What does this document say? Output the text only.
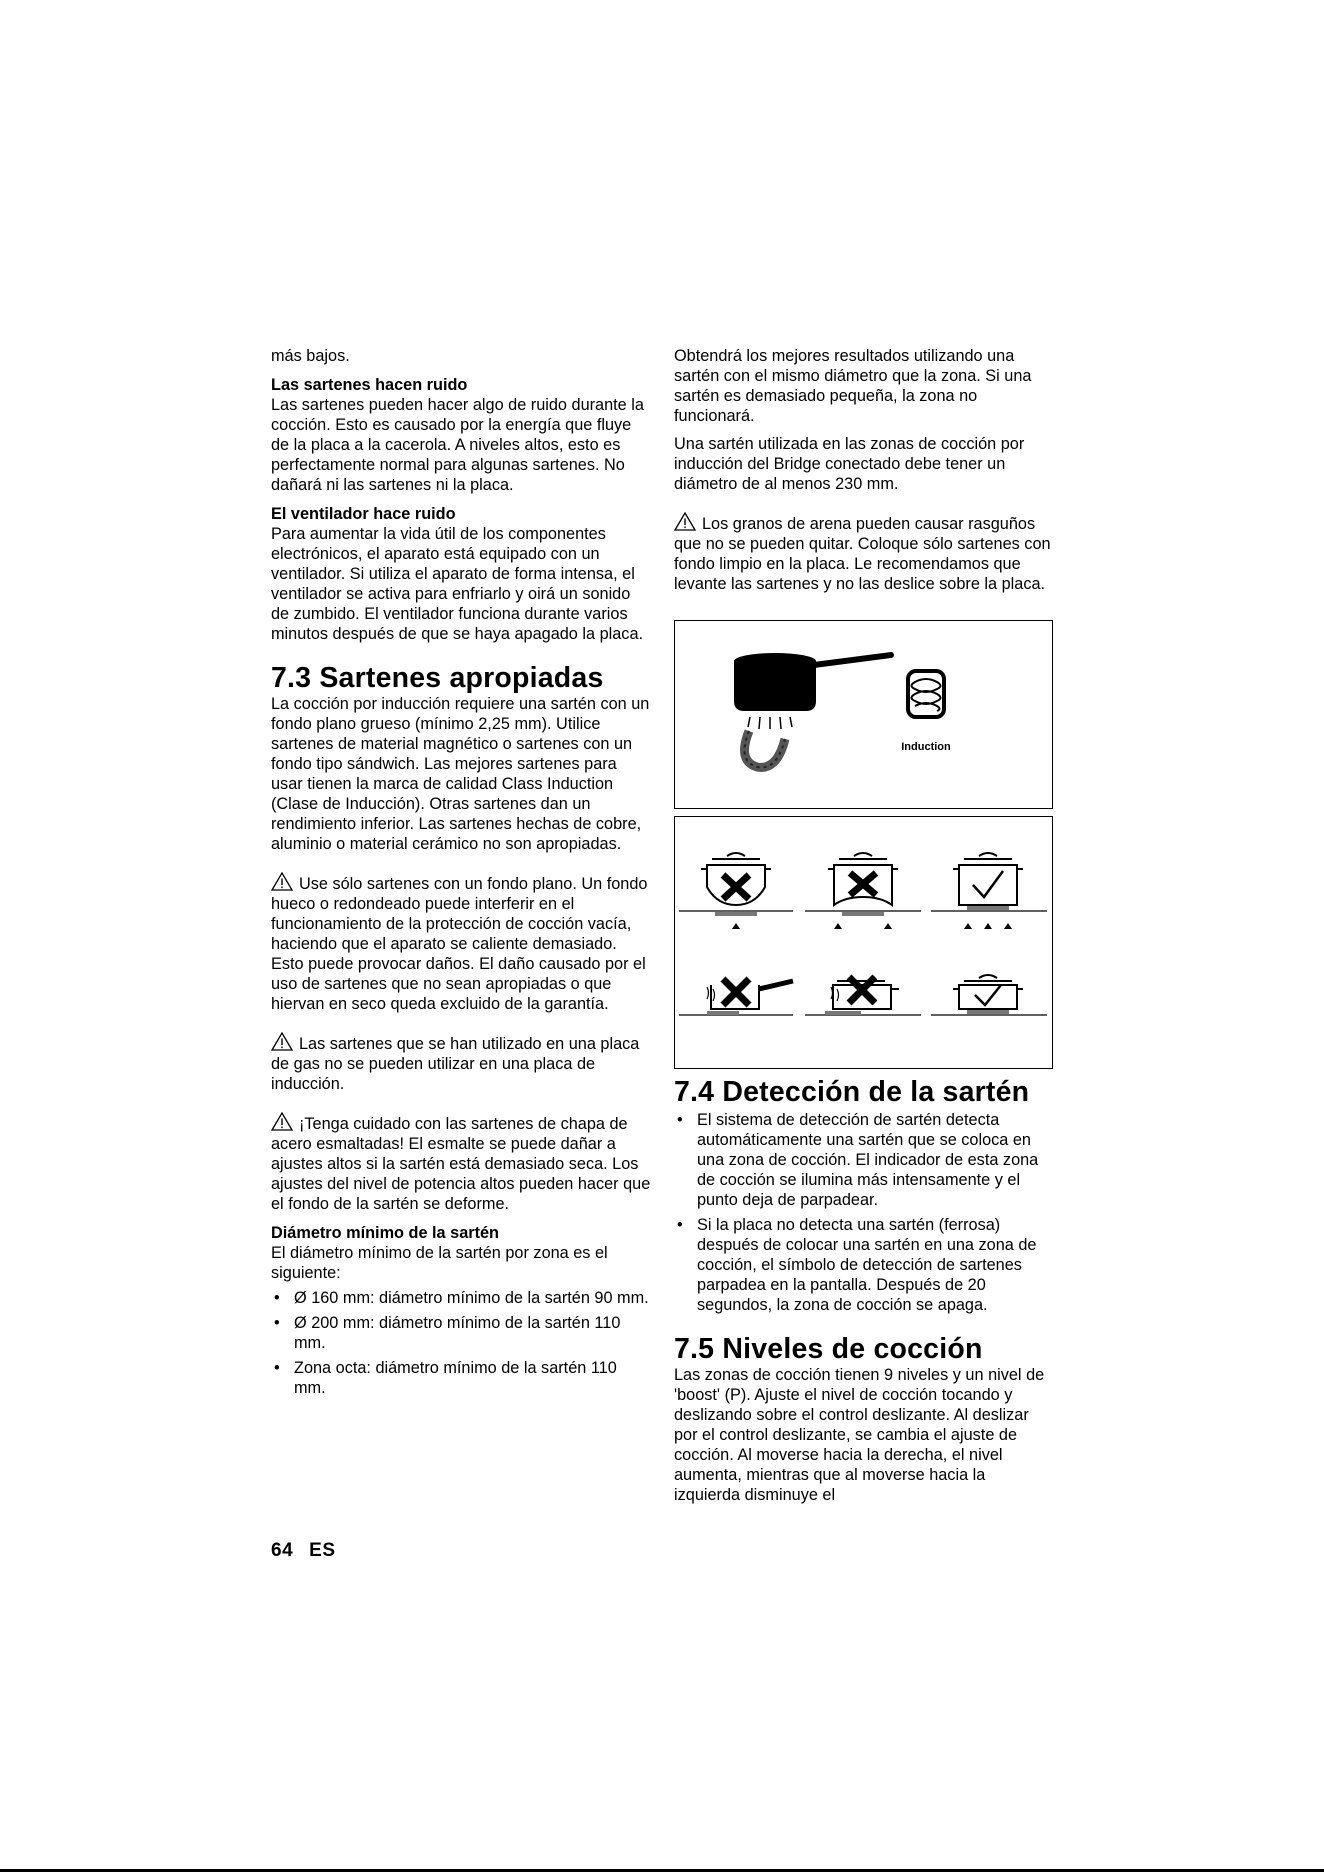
más bajos.

Las sartenes hacen ruido

Las sartenes pueden hacer algo de ruido durante la cocción. Esto es causado por la energía que fluye de la placa a la cacerola. A niveles altos, esto es perfectamente normal para algunas sartenes. No dañará ni las sartenes ni la placa.

El ventilador hace ruido

Para aumentar la vida útil de los componentes electrónicos, el aparato está equipado con un ventilador. Si utiliza el aparato de forma intensa, el ventilador se activa para enfriarlo y oirá un sonido de zumbido. El ventilador funciona durante varios minutos después de que se haya apagado la placa.

7.3 Sartenes apropiadas

La cocción por inducción requiere una sartén con un fondo plano grueso (mínimo 2,25 mm). Utilice sartenes de material magnético o sartenes con un fondo tipo sándwich. Las mejores sartenes para usar tienen la marca de calidad Class Induction (Clase de Inducción). Otras sartenes dan un rendimiento inferior. Las sartenes hechas de cobre, aluminio o material cerámico no son apropiadas.

Use sólo sartenes con un fondo plano. Un fondo hueco o redondeado puede interferir en el funcionamiento de la protección de cocción vacía, haciendo que el aparato se caliente demasiado. Esto puede provocar daños. El daño causado por el uso de sartenes que no sean apropiadas o que hiervan en seco queda excluido de la garantía.

Las sartenes que se han utilizado en una placa de gas no se pueden utilizar en una placa de inducción.

¡Tenga cuidado con las sartenes de chapa de acero esmaltadas! El esmalte se puede dañar a ajustes altos si la sartén está demasiado seca. Los ajustes del nivel de potencia altos pueden hacer que el fondo de la sartén se deforme.

Diámetro mínimo de la sartén

El diámetro mínimo de la sartén por zona es el siguiente:

• Ø 160 mm: diámetro mínimo de la sartén 90 mm.
• Ø 200 mm: diámetro mínimo de la sartén 110 mm.
• Zona octa: diámetro mínimo de la sartén 110 mm.

Obtendrá los mejores resultados utilizando una sartén con el mismo diámetro que la zona. Si una sartén es demasiado pequeña, la zona no funcionará.

Una sartén utilizada en las zonas de cocción por inducción del Bridge conectado debe tener un diámetro de al menos 230 mm.

Los granos de arena pueden causar rasguños que no se pueden quitar. Coloque sólo sartenes con fondo limpio en la placa. Le recomendamos que levante las sartenes y no las deslice sobre la placa.

Induction
7.4 Detección de la sartén
• El sistema de detección de sartén detecta automáticamente una sartén que se coloca en una zona de cocción. El indicador de esta zona de cocción se ilumina más intensamente y el punto deja de parpadear.
• Si la placa no detecta una sartén (ferrosa) después de colocar una sartén en una zona de cocción, el símbolo de detección de sartenes parpadea en la pantalla. Después de 20 segundos, la zona de cocción se apaga.
7.5 Niveles de cocción

Las zonas de cocción tienen 9 niveles y un nivel de 'boost' (P). Ajuste el nivel de cocción tocando y deslizando sobre el control deslizante. Al deslizar por el control deslizante, se cambia el ajuste de cocción. Al moverse hacia la derecha, el nivel aumenta, mientras que al moverse hacia la izquierda disminuye el

64 ES
